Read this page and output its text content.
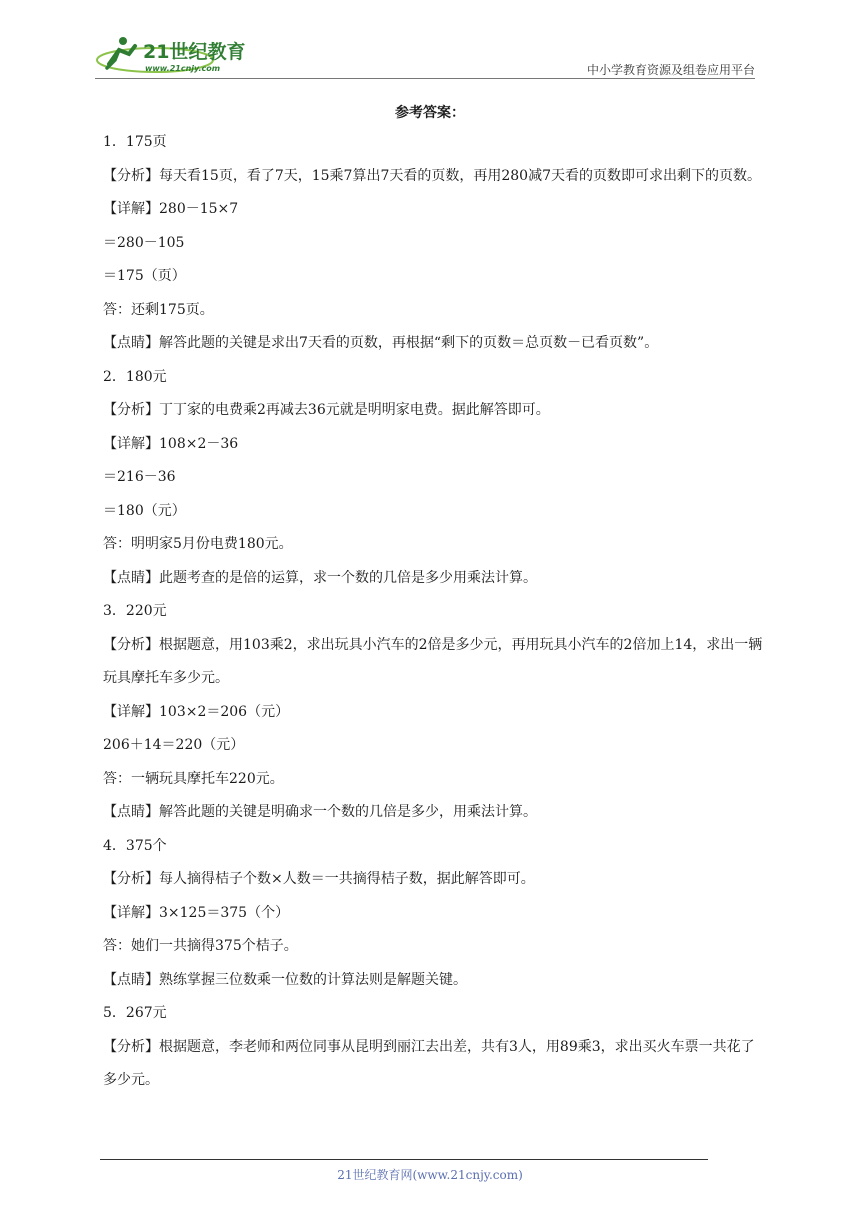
21世纪教育
www.21cnjy.com	中小学教育资源及组卷应用平台
参考答案：
1．175页
【分析】每天看15页，看了7天，15乘7算出7天看的页数，再用280减7天看的页数即可求出剩下的页数。
【详解】280－15×7
＝280－105
＝175（页）
答：还剩175页。
【点睛】解答此题的关键是求出7天看的页数，再根据“剩下的页数＝总页数－已看页数”。
2．180元
【分析】丁丁家的电费乘2再减去36元就是明明家电费。据此解答即可。
【详解】108×2－36
＝216－36
＝180（元）
答：明明家5月份电费180元。
【点睛】此题考查的是倍的运算，求一个数的几倍是多少用乘法计算。
3．220元
【分析】根据题意，用103乘2，求出玩具小汽车的2倍是多少元，再用玩具小汽车的2倍加上14，求出一辆玩具摩托车多少元。
【详解】103×2＝206（元）
206＋14＝220（元）
答：一辆玩具摩托车220元。
【点睛】解答此题的关键是明确求一个数的几倍是多少，用乘法计算。
4．375个
【分析】每人摘得桔子个数×人数＝一共摘得桔子数，据此解答即可。
【详解】3×125＝375（个）
答：她们一共摘得375个桔子。
【点睛】熟练掌握三位数乘一位数的计算法则是解题关键。
5．267元
【分析】根据题意，李老师和两位同事从昆明到丽江去出差，共有3人，用89乘3，求出买火车票一共花了多少元。
21世纪教育网(www.21cnjy.com)
